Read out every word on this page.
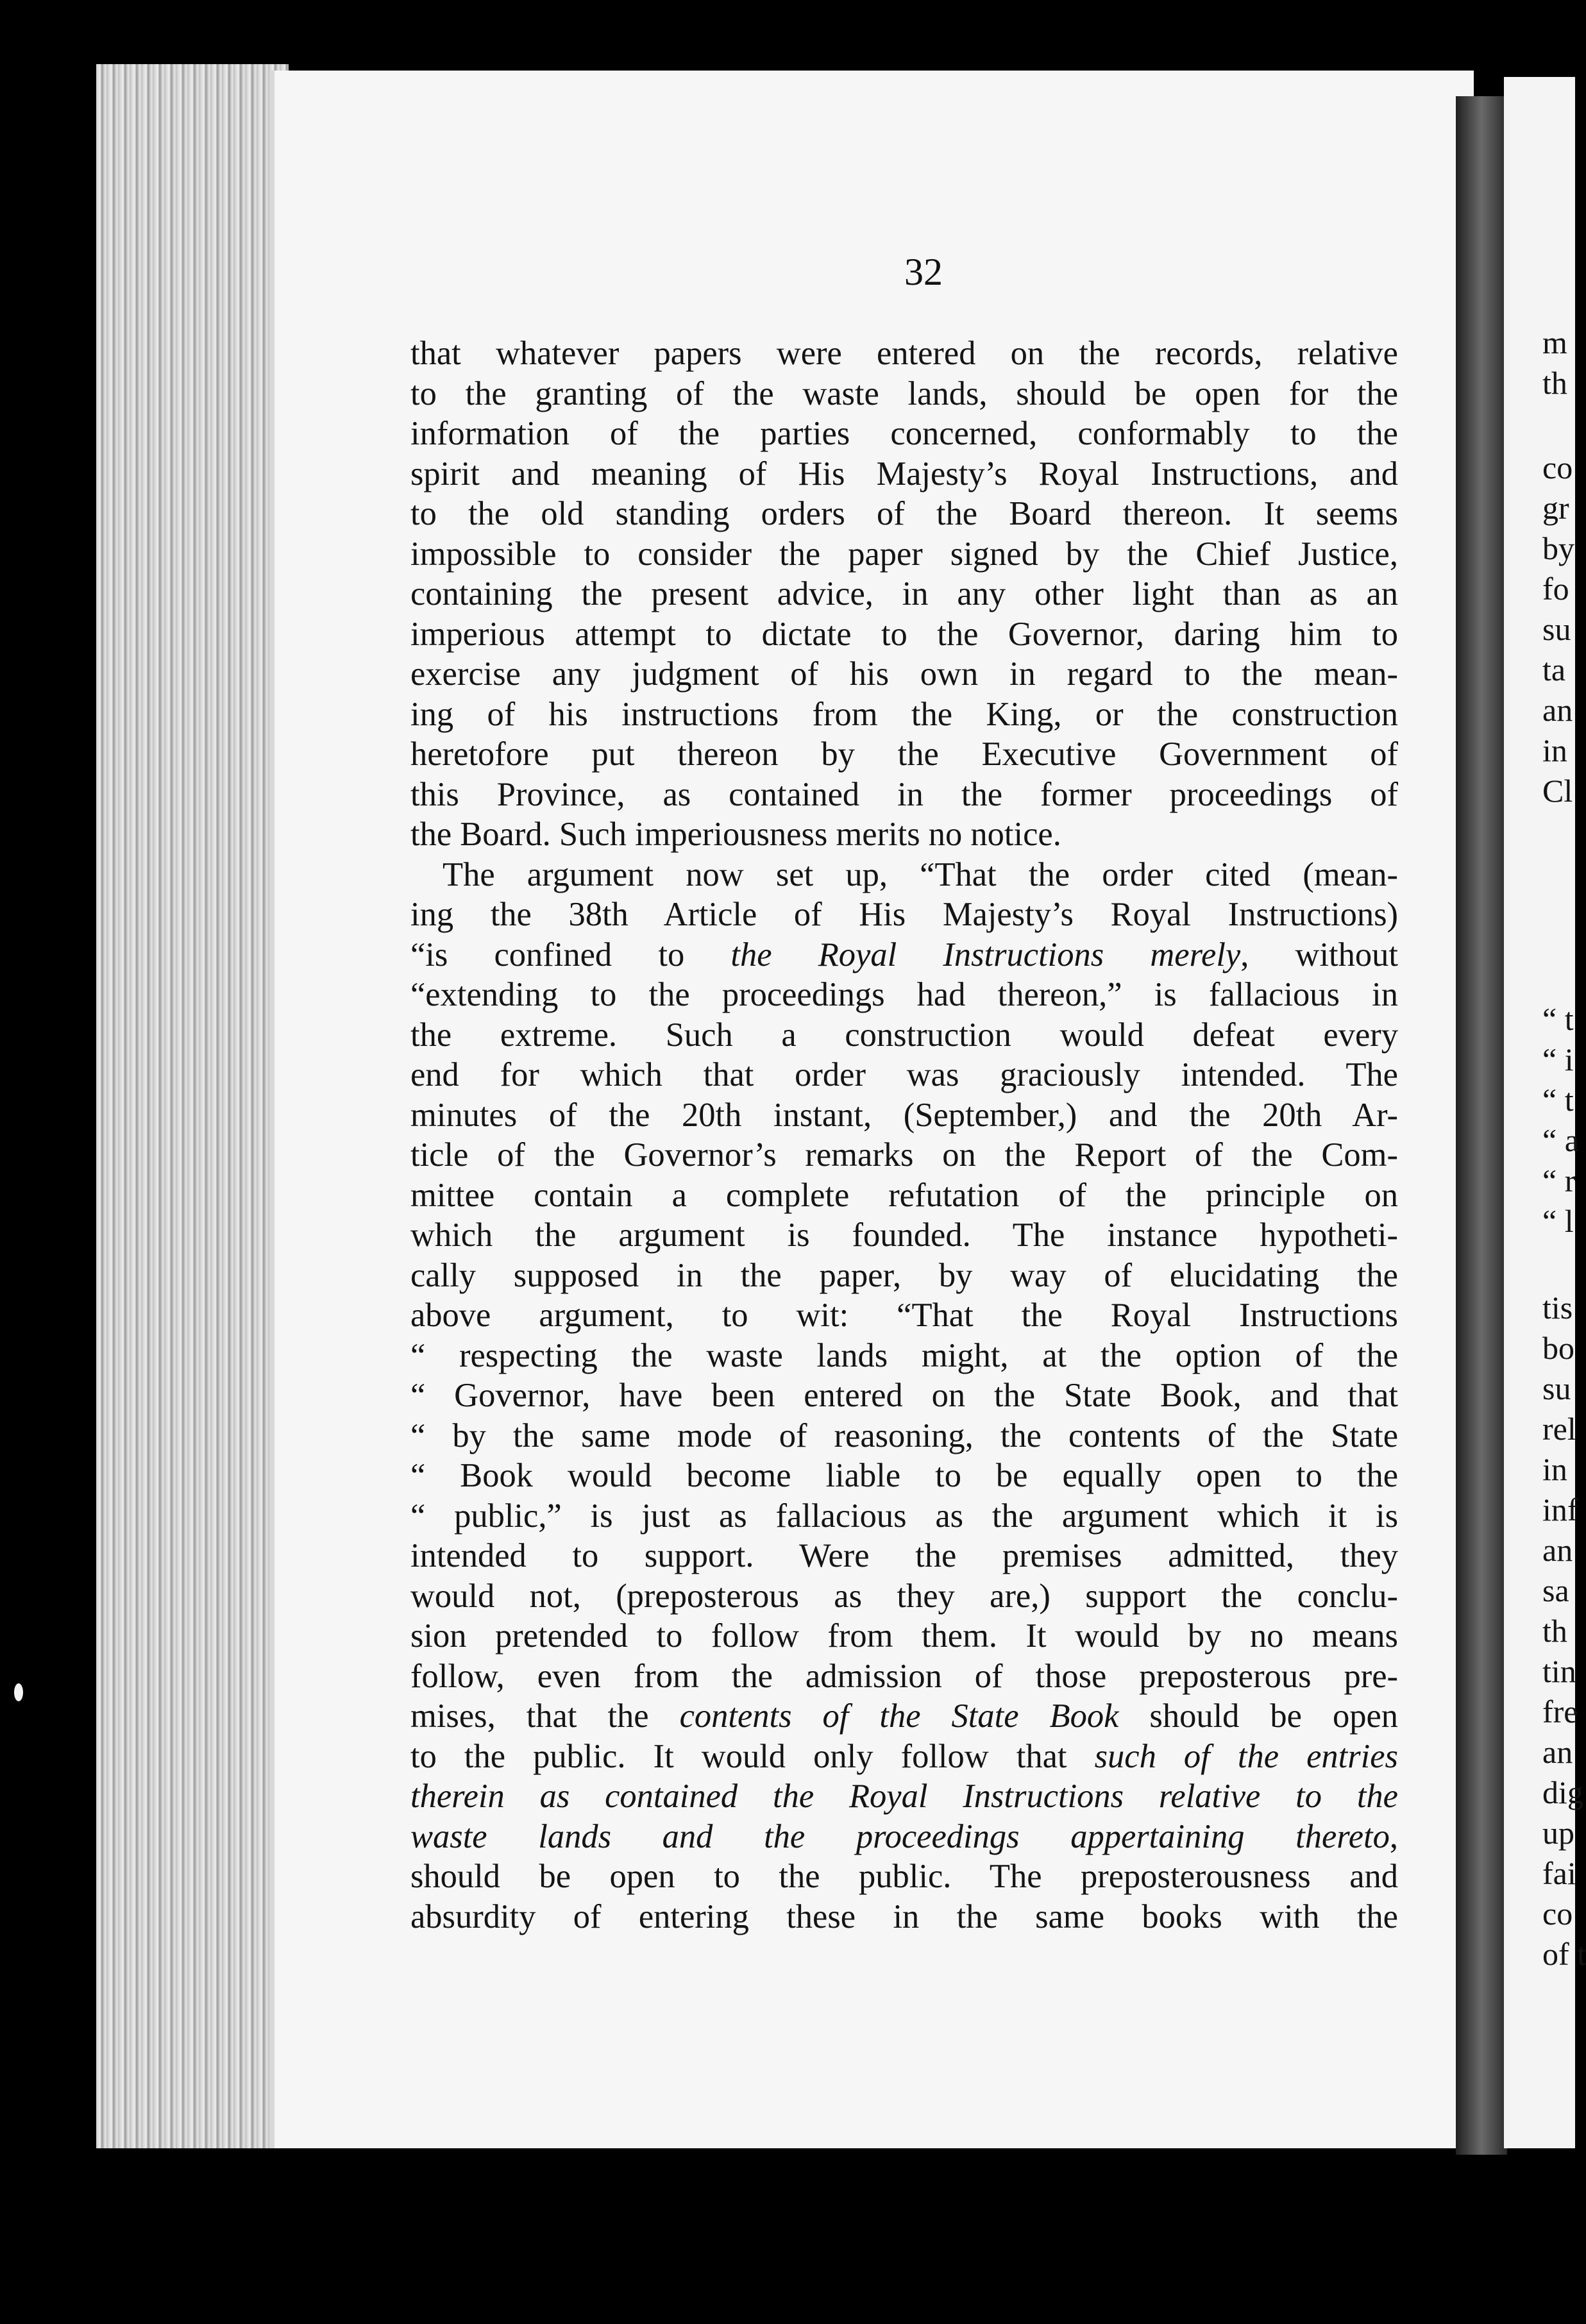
32
that whatever papers were entered on the records, relative
to the granting of the waste lands, should be open for the
information of the parties concerned, conformably to the
spirit and meaning of His Majesty’s Royal Instructions, and
to the old standing orders of the Board thereon. It seems
impossible to consider the paper signed by the Chief Justice,
containing the present advice, in any other light than as an
imperious attempt to dictate to the Governor, daring him to
exercise any judgment of his own in regard to the mean-
ing of his instructions from the King, or the construction
heretofore put thereon by the Executive Government of
this Province, as contained in the former proceedings of
the Board. Such imperiousness merits no notice.
The argument now set up, “That the order cited (mean-
ing the 38th Article of His Majesty’s Royal Instructions)
“is confined to the Royal Instructions merely, without
“extending to the proceedings had thereon,” is fallacious in
the extreme. Such a construction would defeat every
end for which that order was graciously intended. The
minutes of the 20th instant, (September,) and the 20th Ar-
ticle of the Governor’s remarks on the Report of the Com-
mittee contain a complete refutation of the principle on
which the argument is founded. The instance hypotheti-
cally supposed in the paper, by way of elucidating the
above argument, to wit: “That the Royal Instructions
“ respecting the waste lands might, at the option of the
“ Governor, have been entered on the State Book, and that
“ by the same mode of reasoning, the contents of the State
“ Book would become liable to be equally open to the
“ public,” is just as fallacious as the argument which it is
intended to support. Were the premises admitted, they
would not, (preposterous as they are,) support the conclu-
sion pretended to follow from them. It would by no means
follow, even from the admission of those preposterous pre-
mises, that the contents of the State Book should be open
to the public. It would only follow that such of the entries
therein as contained the Royal Instructions relative to the
waste lands and the proceedings appertaining thereto,
should be open to the public. The preposterousness and
absurdity of entering these in the same books with the
m
th
co
gr
by
fo
su
ta
an
in
Cl
“ t
“ i
“ t
“ a
“ r
“ l
tis
bo
su
rel
in
inf
an
sa
th
tin
fre
an
dig
up
fai
co
of t
